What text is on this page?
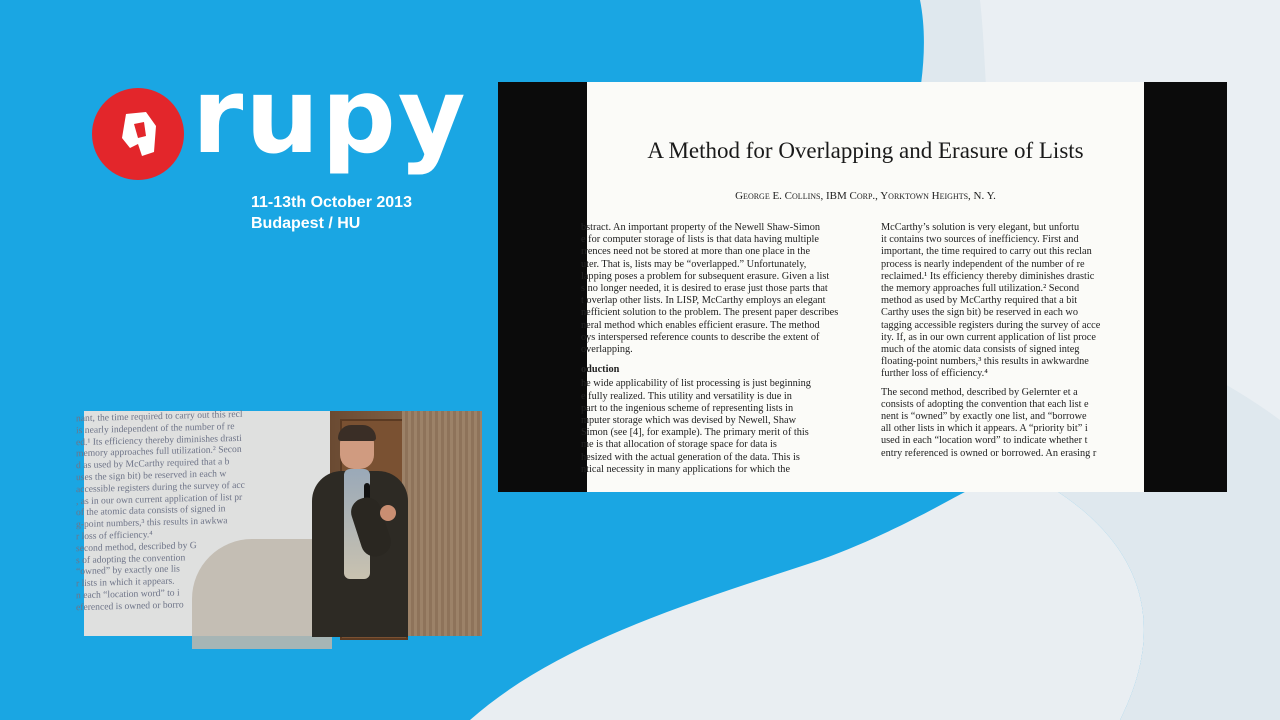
rupy
11-13th October 2013
Budapest / HU
A Method for Overlapping and Erasure of Lists
George E. Collins, IBM Corp., Yorktown Heights, N. Y.

bstract. An important property of the Newell Shaw-Simon

e for computer storage of lists is that data having multiple

rrences need not be stored at more than one place in the

uter. That is, lists may be “overlapped.” Unfortunately,

lapping poses a problem for subsequent erasure. Given a list

s no longer needed, it is desired to erase just those parts that

t overlap other lists. In LISP, McCarthy employs an elegant

nefficient solution to the problem. The present paper describes

neral method which enables efficient erasure. The method

oys interspersed reference counts to describe the extent of

overlapping.

oduction

he wide applicability of list processing is just beginning

e fully realized. This utility and versatility is due in

part to the ingenious scheme of representing lists in

mputer storage which was devised by Newell, Shaw

Simon (see [4], for example). The primary merit of this

me is that allocation of storage space for data is

hesized with the actual generation of the data. This is

ntical necessity in many applications for which the

McCarthy’s solution is very elegant, but unfortu

it contains two sources of inefficiency. First and

important, the time required to carry out this reclan

process is nearly independent of the number of re

reclaimed.¹ Its efficiency thereby diminishes drastic

the memory approaches full utilization.² Second

method as used by McCarthy required that a bit

Carthy uses the sign bit) be reserved in each wo

tagging accessible registers during the survey of acce

ity. If, as in our own current application of list proce

much of the atomic data consists of signed integ

floating-point numbers,³ this results in awkwardne

further loss of efficiency.⁴

The second method, described by Gelernter et a

consists of adopting the convention that each list e

nent is “owned” by exactly one list, and “borrowe

all other lists in which it appears. A “priority bit” i

used in each “location word” to indicate whether t

entry referenced is owned or borrowed. An erasing r

nant, the time required to carry out this recl

is nearly independent of the number of re

ed.¹ Its efficiency thereby diminishes drasti

memory approaches full utilization.² Secon

d as used by McCarthy required that a b

uses the sign bit) be reserved in each w

accessible registers during the survey of acc

, as in our own current application of list pr

of the atomic data consists of signed in

g-point numbers,³ this results in awkwa

r loss of efficiency.⁴

second method, described by G

s of adopting the convention

“owned” by exactly one lis

r lists in which it appears.

n each “location word” to i

eferenced is owned or borro
